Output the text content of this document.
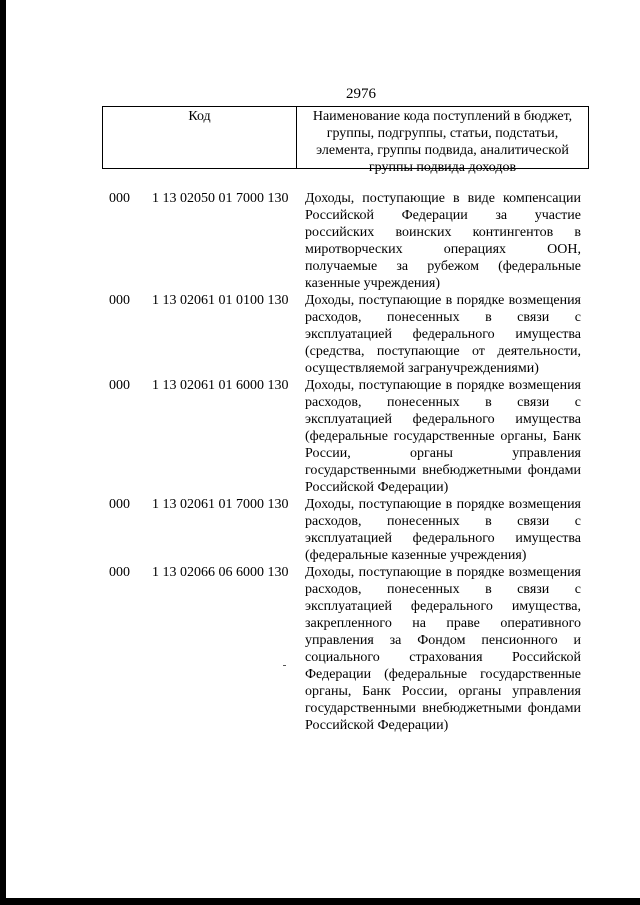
2976
Код	Наименование кода поступлений в бюджет, группы, подгруппы, статьи, подстатьи, элемента, группы подвида, аналитической группы подвида доходов
000 1 13 02050 01 7000 130 Доходы, поступающие в виде компенсации Российской Федерации за участие российских воинских контингентов в миротворческих операциях ООН, получаемые за рубежом (федеральные казенные учреждения)
000 1 13 02061 01 0100 130 Доходы, поступающие в порядке возмещения расходов, понесенных в связи с эксплуатацией федерального имущества (средства, поступающие от деятельности, осуществляемой загранучреждениями)
000 1 13 02061 01 6000 130 Доходы, поступающие в порядке возмещения расходов, понесенных в связи с эксплуатацией федерального имущества (федеральные государственные органы, Банк России, органы управления государственными внебюджетными фондами Российской Федерации)
000 1 13 02061 01 7000 130 Доходы, поступающие в порядке возмещения расходов, понесенных в связи с эксплуатацией федерального имущества (федеральные казенные учреждения)
000 1 13 02066 06 6000 130 Доходы, поступающие в порядке возмещения расходов, понесенных в связи с эксплуатацией федерального имущества, закрепленного на праве оперативного управления за Фондом пенсионного и социального страхования Российской Федерации (федеральные государственные органы, Банк России, органы управления государственными внебюджетными фондами Российской Федерации)
